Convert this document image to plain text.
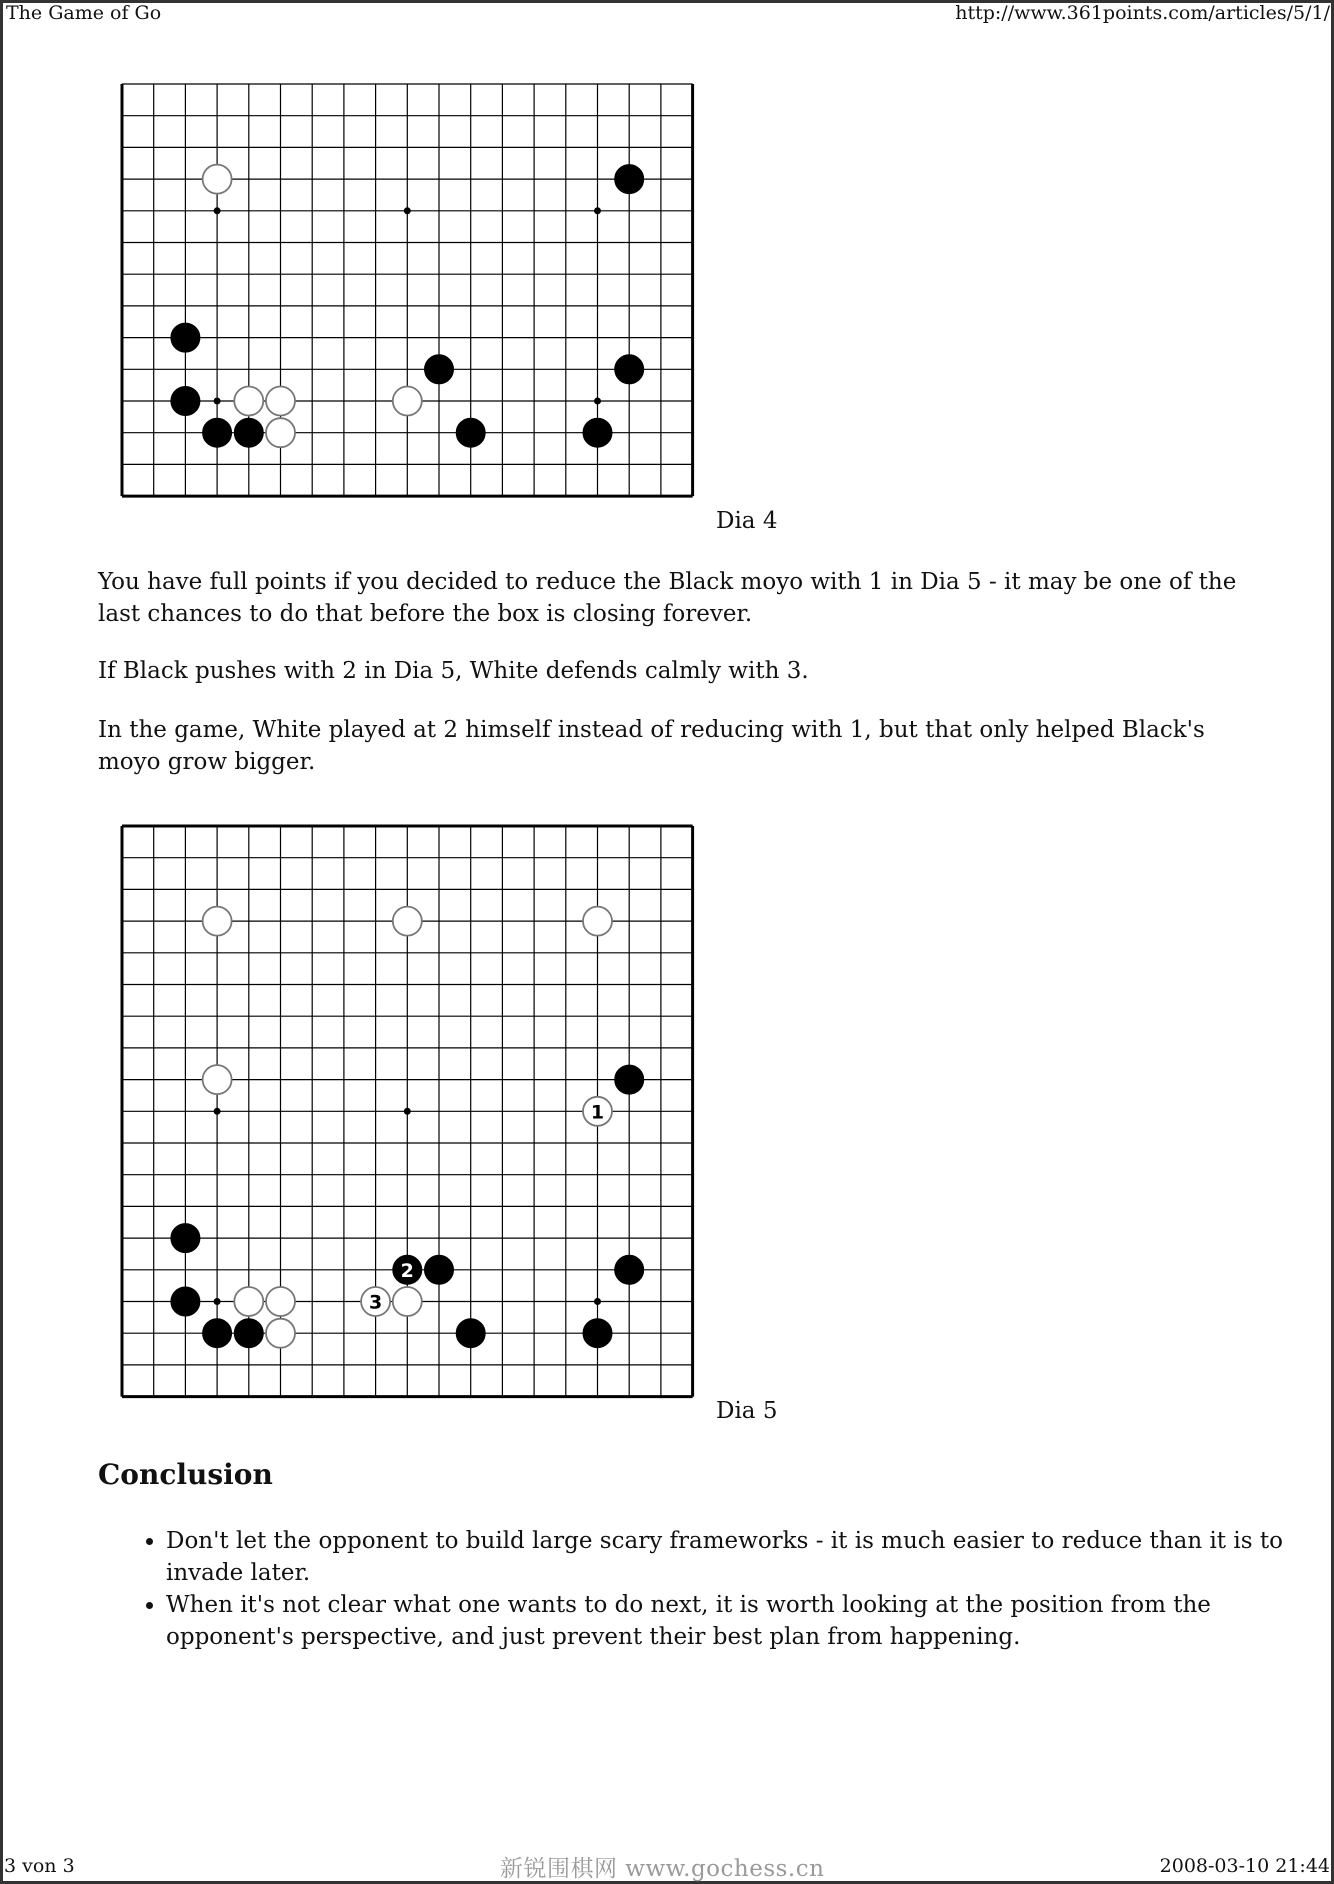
The Game of Go	http://www.361points.com/articles/5/1/
Dia 4

You have full points if you decided to reduce the Black moyo with 1 in Dia 5 - it may be one of the last chances to do that before the box is closing forever.

If Black pushes with 2 in Dia 5, White defends calmly with 3.

In the game, White played at 2 himself instead of reducing with 1, but that only helped Black's moyo grow bigger.

1
2
3
Dia 5
Conclusion
• Don't let the opponent to build large scary frameworks - it is much easier to reduce than it is to invade later.
• When it's not clear what one wants to do next, it is worth looking at the position from the opponent's perspective, and just prevent their best plan from happening.
3 von 3	新锐围棋网 www.gochess.cn	2008-03-10 21:44
